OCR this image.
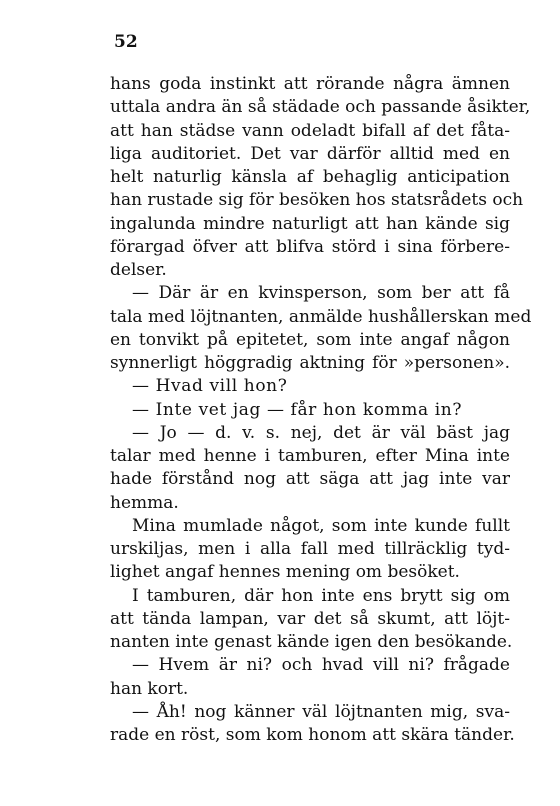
52
hans goda instinkt att rörande några ämnen
uttala andra än så städade och passande åsikter,
att han städse vann odeladt bifall af det fåta-
liga auditoriet. Det var därför alltid med en
helt naturlig känsla af behaglig anticipation
han rustade sig för besöken hos statsrådets och
ingalunda mindre naturligt att han kände sig
förargad öfver att blifva störd i sina förbere-
delser.
— Där är en kvinsperson, som ber att få
tala med löjtnanten, anmälde hushållerskan med
en tonvikt på epitetet, som inte angaf någon
synnerligt höggradig aktning för »personen».
— Hvad vill hon?
— Inte vet jag — får hon komma in?
— Jo — d. v. s. nej, det är väl bäst jag
talar med henne i tamburen, efter Mina inte
hade förstånd nog att säga att jag inte var
hemma.
Mina mumlade något, som inte kunde fullt
urskiljas, men i alla fall med tillräcklig tyd-
lighet angaf hennes mening om besöket.
I tamburen, där hon inte ens brytt sig om
att tända lampan, var det så skumt, att löjt-
nanten inte genast kände igen den besökande.
— Hvem är ni? och hvad vill ni? frågade
han kort.
— Åh! nog känner väl löjtnanten mig, sva-
rade en röst, som kom honom att skära tänder.
